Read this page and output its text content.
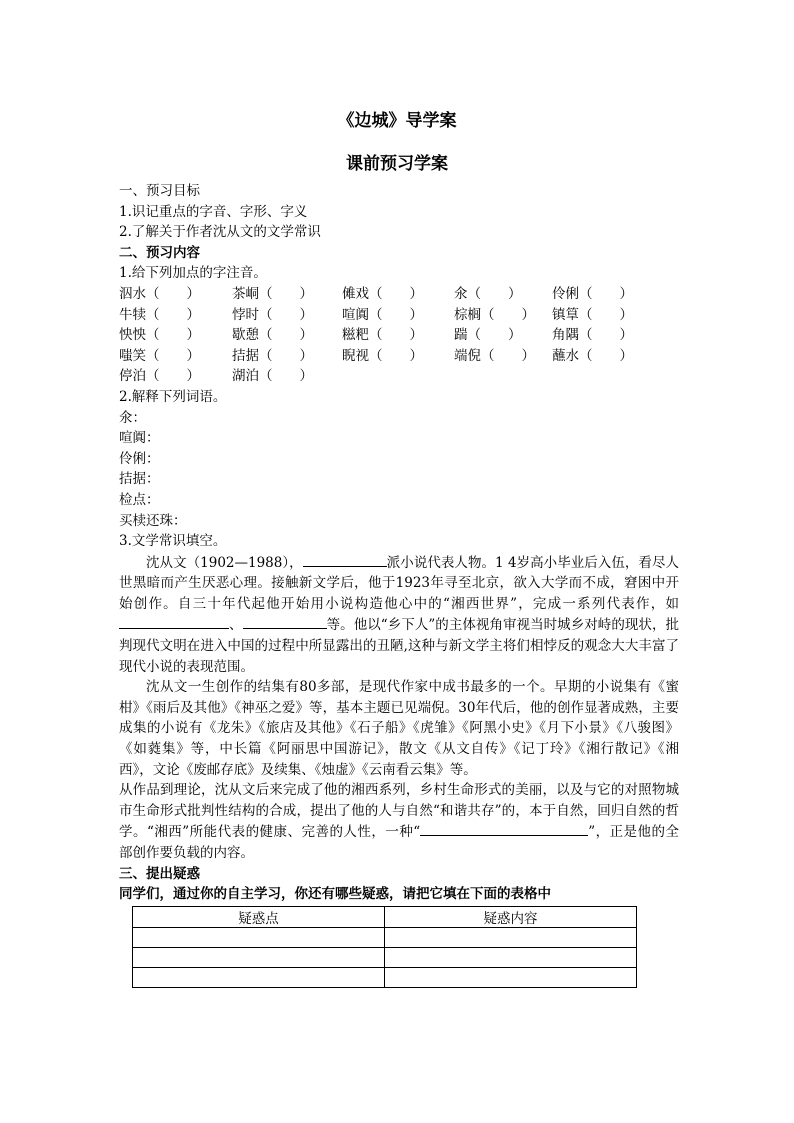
《边城》导学案
课前预习学案
一、预习目标
1.识记重点的字音、字形、字义
2.了解关于作者沈从文的文学常识
二、预习内容
1.给下列加点的字注音。
泅水（　　）	茶峒（　　）	傩戏（　　）	氽（　　）	伶俐（　　）
牛犊（　　）	悖时（　　）	喧阗（　　）	棕榈（　　）	镇筸（　　）
怏怏（　　）	歇憩（　　）	糍粑（　　）	踹（　　）	角隅（　　）
嗤笑（　　）	拮据（　　）	睨视（　　）	端倪（　　）	蘸水（　　）
停泊（　　）	湖泊（　　）
2.解释下列词语。
氽：
喧阗：
伶俐：
拮据：
检点：
买椟还珠：
3.文学常识填空。
沈从文（1902—1988），	派小说代表人物。1 4岁高小毕业后入伍，看尽人世黑暗而产生厌恶心理。接触新文学后，他于1923年寻至北京，欲入大学而不成，窘困中开始创作。自三十年代起他开始用小说构造他心中的“湘西世界”，完成一系列代表作，如、	等。他以“乡下人”的主体视角审视当时城乡对峙的现状，批判现代文明在进入中国的过程中所显露出的丑陋,这种与新文学主将们相悖反的观念大大丰富了现代小说的表现范围。
沈从文一生创作的结集有80多部，是现代作家中成书最多的一个。早期的小说集有《蜜柑》《雨后及其他》《神巫之爱》等，基本主题已见端倪。30年代后，他的创作显著成熟，主要成集的小说有《龙朱》《旅店及其他》《石子船》《虎雏》《阿黑小史》《月下小景》《八骏图》《如蕤集》等，中长篇《阿丽思中国游记》，散文《从文自传》《记丁玲》《湘行散记》《湘西》，文论《废邮存底》及续集、《烛虚》《云南看云集》等。
从作品到理论，沈从文后来完成了他的湘西系列，乡村生命形式的美丽，以及与它的对照物城市生命形式批判性结构的合成，提出了他的人与自然“和谐共存”的，本于自然，回归自然的哲学。“湘西”所能代表的健康、完善的人性，一种“	”，正是他的全部创作要负载的内容。
三、提出疑惑
同学们，通过你的自主学习，你还有哪些疑惑，请把它填在下面的表格中
疑惑点	疑惑内容
